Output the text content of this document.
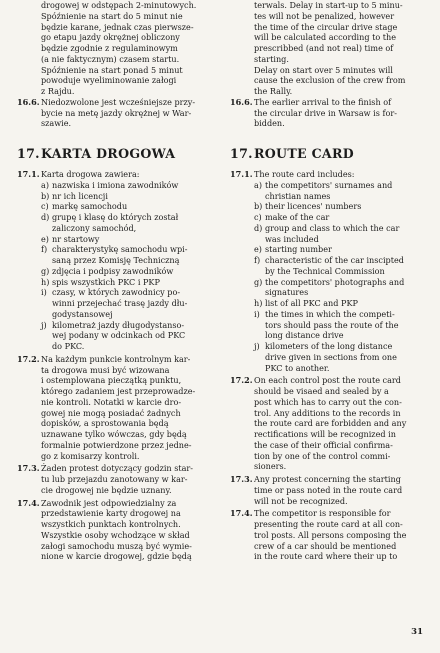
drogowej w odstępach 2-minutowych.

Spóźnienie na start do 5 minut nie

będzie karane, jednak czas pierwsze-

go etapu jazdy okrężnej obliczony

będzie zgodnie z regulaminowym

(a nie faktycznym) czasem startu.

Spóźnienie na start ponad 5 minut

powoduje wyeliminowanie załogi

z Rajdu.

16.6. Niedozwolone jest wcześniejsze przy-

bycie na metę jazdy okrężnej w War-

szawie.

17.KARTA DROGOWA
17.1. Karta drogowa zawiera:

a) nazwiska i imiona zawodników

b) nr ich licencji

c) markę samochodu

d) grupę i klasę do których został

zaliczony samochód,

e) nr startowy

f) charakterystykę samochodu wpi-

saną przez Komisję Techniczną

g) zdjęcia i podpisy zawodników

h) spis wszystkich PKC i PKP

i) czasy, w których zawodnicy po-

winni przejechać trasę jazdy dłu-

godystansowej

j) kilometraż jazdy długodystanso-

wej podany w odcinkach od PKC

do PKC.

17.2. Na każdym punkcie kontrolnym kar-

ta drogowa musi być wizowana

i ostemplowana pieczątką punktu,

którego zadaniem jest przeprowadze-

nie kontroli. Notatki w karcie dro-

gowej nie mogą posiadać żadnych

dopisków, a sprostowania będą

uznawane tylko wówczas, gdy będą

formalnie potwierdzone przez jedne-

go z komisarzy kontroli.

17.3. Żaden protest dotyczący godzin star-

tu lub przejazdu zanotowany w kar-

cie drogowej nie będzie uznany.

17.4. Zawodnik jest odpowiedzialny za

przedstawienie karty drogowej na

wszystkich punktach kontrolnych.

Wszystkie osoby wchodzące w skład

załogi samochodu muszą być wymie-

nione w karcie drogowej, gdzie będą

terwals. Delay in start-up to 5 minu-

tes will not be penalized, however

the time of the circular drive stage

will be calculated according to the

prescribbed (and not real) time of

starting.

Delay on start over 5 minutes will

cause the exclusion of the crew from

the Rally.

16.6. The earlier arrival to the finish of

the circular drive in Warsaw is for-

bidden.

17.ROUTE CARD
17.1. The route card includes:

a) the competitors' surnames and

christian names

b) their licences' numbers

c) make of the car

d) group and class to which the car

was included

e) starting number

f) characteristic of the car inscipted

by the Technical Commission

g) the competitors' photographs and

signatures

h) list of all PKC and PKP

i) the times in which the competi-

tors should pass the route of the

long distance drive

j) kilometers of the long distance

drive given in sections from one

PKC to another.

17.2. On each control post the route card

should be visaed and sealed by a

post which has to carry out the con-

trol. Any additions to the records in

the route card are forbidden and any

rectifications will be recognized in

the case of their official confirma-

tion by one of the control commi-

sioners.

17.3. Any protest concerning the starting

time or pass noted in the route card

will not be recognized.

17.4. The competitor is responsible for

presenting the route card at all con-

trol posts. All persons composing the

crew of a car should be mentioned

in the route card where their up to

31
